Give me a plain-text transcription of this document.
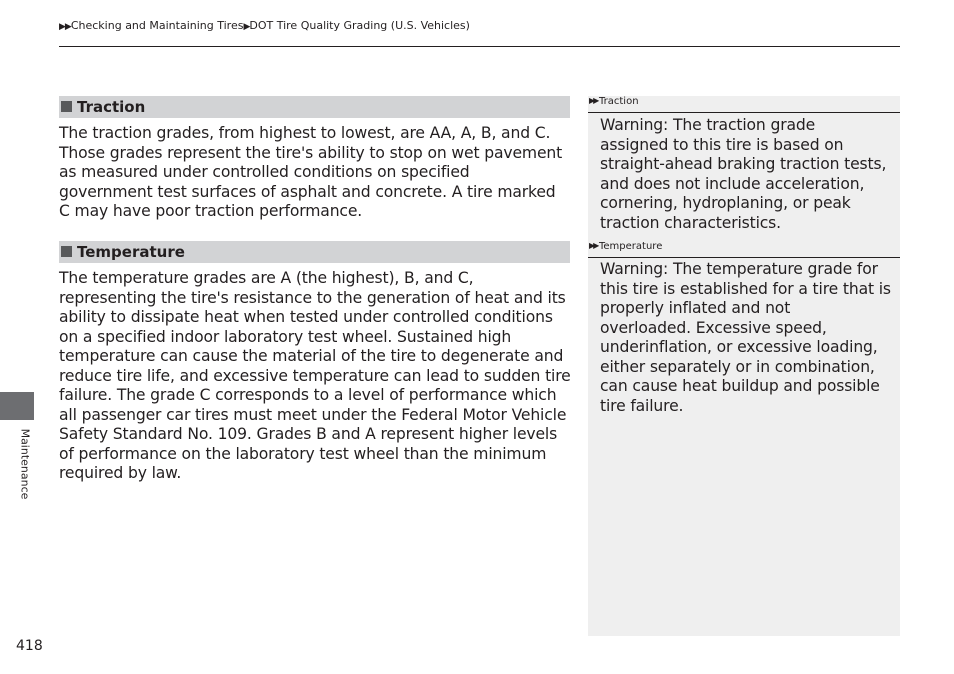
▶▶Checking and Maintaining Tires▶DOT Tire Quality Grading (U.S. Vehicles)
Traction
The traction grades, from highest to lowest, are AA, A, B, and C.
Those grades represent the tire's ability to stop on wet pavement
as measured under controlled conditions on specified
government test surfaces of asphalt and concrete. A tire marked
C may have poor traction performance.
Temperature
The temperature grades are A (the highest), B, and C,
representing the tire's resistance to the generation of heat and its
ability to dissipate heat when tested under controlled conditions
on a specified indoor laboratory test wheel. Sustained high
temperature can cause the material of the tire to degenerate and
reduce tire life, and excessive temperature can lead to sudden tire
failure. The grade C corresponds to a level of performance which
all passenger car tires must meet under the Federal Motor Vehicle
Safety Standard No. 109. Grades B and A represent higher levels
of performance on the laboratory test wheel than the minimum
required by law.
▶▶ Traction
Warning: The traction grade
assigned to this tire is based on
straight-ahead braking traction tests,
and does not include acceleration,
cornering, hydroplaning, or peak
traction characteristics.
▶▶ Temperature
Warning: The temperature grade for
this tire is established for a tire that is
properly inflated and not
overloaded. Excessive speed,
underinflation, or excessive loading,
either separately or in combination,
can cause heat buildup and possible
tire failure.
Maintenance
418
